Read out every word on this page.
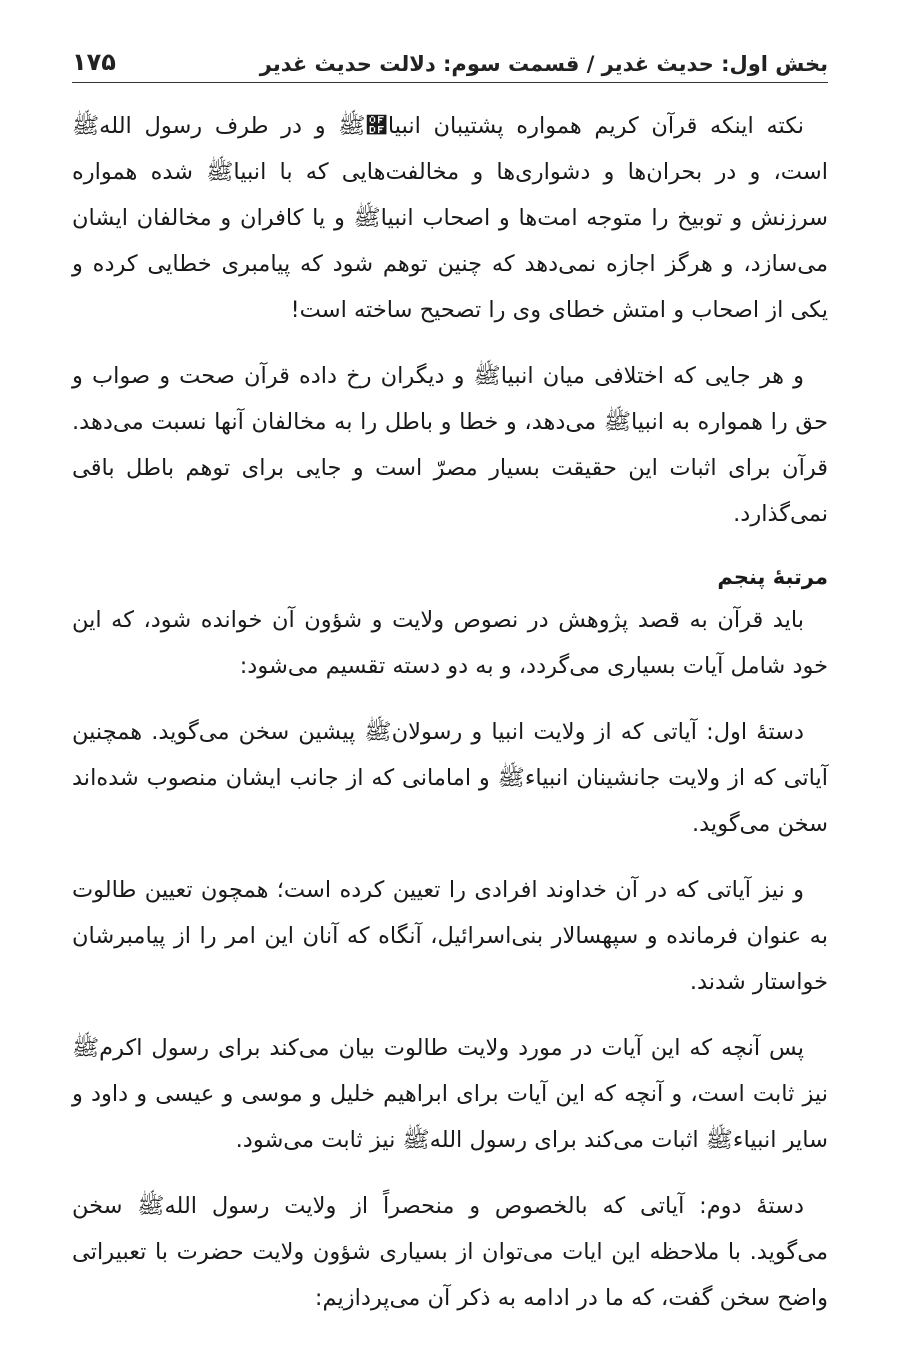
بخش اول: حدیث غدیر / قسمت سوم: دلالت حدیث غدیر
۱۷۵

نکته اینکه قرآن کریم همواره پشتیبان انبیا࿟ﷺ و در طرف رسول اللهﷺ است، و در بحران‌ها و دشواری‌ها و مخالفت‌هایی که با انبیاﷺ شده همواره سرزنش و توبیخ را متوجه امت‌ها و اصحاب انبیاﷺ و یا کافران و مخالفان ایشان می‌سازد، و هرگز اجازه نمی‌دهد که چنین توهم شود که پیامبری خطایی کرده و یکی از اصحاب و امتش خطای وی را تصحیح ساخته است!

و هر جایی که اختلافی میان انبیاﷺ و دیگران رخ داده قرآن صحت و صواب و حق را همواره به انبیاﷺ می‌دهد، و خطا و باطل را به مخالفان آنها نسبت می‌دهد. قرآن برای اثبات این حقیقت بسیار مصرّ است و جایی برای توهم باطل باقی نمی‌گذارد.

مرتبۀ پنجم

باید قرآن به قصد پژوهش در نصوص ولایت و شؤون آن خوانده شود، که این خود شامل آیات بسیاری می‌گردد، و به دو دسته تقسیم می‌شود:

دستۀ اول: آیاتی که از ولایت انبیا و رسولانﷺ پیشین سخن می‌گوید. همچنین آیاتی که از ولایت جانشینان انبیاءﷺ و امامانی که از جانب ایشان منصوب شده‌اند سخن می‌گوید.

و نیز آیاتی که در آن خداوند افرادی را تعیین کرده است؛ همچون تعیین طالوت به عنوان فرمانده و سپهسالار بنی‌اسرائیل، آنگاه که آنان این امر را از پیامبرشان خواستار شدند.

پس آنچه که این آیات در مورد ولایت طالوت بیان می‌کند برای رسول اکرمﷺ نیز ثابت است، و آنچه که این آیات برای ابراهیم خلیل و موسی و عیسی و داود و سایر انبیاءﷺ اثبات می‌کند برای رسول اللهﷺ نیز ثابت می‌شود.

دستۀ دوم: آیاتی که بالخصوص و منحصراً از ولایت رسول اللهﷺ سخن می‌گوید. با ملاحظه این ایات می‌توان از بسیاری شؤون ولایت حضرت با تعبیراتی واضح سخن گفت، که ما در ادامه به ذکر آن می‌پردازیم:
